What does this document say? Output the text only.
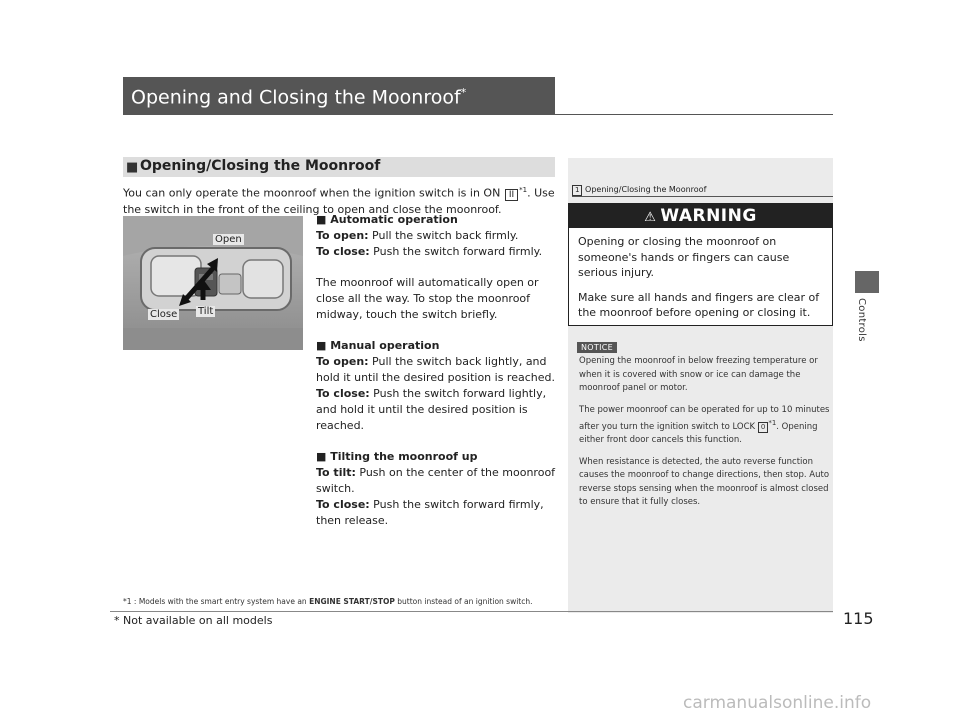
Opening and Closing the Moonroof*
Controls
115
■ Opening/Closing the Moonroof
You can only operate the moonroof when the ignition switch is in ON II $^{*1}$. Use the switch in the front of the ceiling to open and close the moonroof.
Open
Tilt
Close

■ Automatic operation

To open: Pull the switch back firmly.

To close: Push the switch forward firmly.

The moonroof will automatically open or close all the way. To stop the moonroof midway, touch the switch briefly.

■ Manual operation

To open: Pull the switch back lightly, and hold it until the desired position is reached.

To close: Push the switch forward lightly, and hold it until the desired position is reached.

■ Tilting the moonroof up

To tilt: Push on the center of the moonroof switch.

To close: Push the switch forward firmly, then release.

*1 : Models with the smart entry system have an ENGINE START/STOP button instead of an ignition switch.
1 Opening/Closing the Moonroof
⚠ WARNING

Opening or closing the moonroof on someone's hands or fingers can cause serious injury.

Make sure all hands and fingers are clear of the moonroof before opening or closing it.

NOTICE

Opening the moonroof in below freezing temperature or when it is covered with snow or ice can damage the moonroof panel or motor.

The power moonroof can be operated for up to 10 minutes after you turn the ignition switch to LOCK 0 $^{*1}$. Opening either front door cancels this function.

When resistance is detected, the auto reverse function causes the moonroof to change directions, then stop. Auto reverse stops sensing when the moonroof is almost closed to ensure that it fully closes.

* Not available on all models
carmanualsonline.info
